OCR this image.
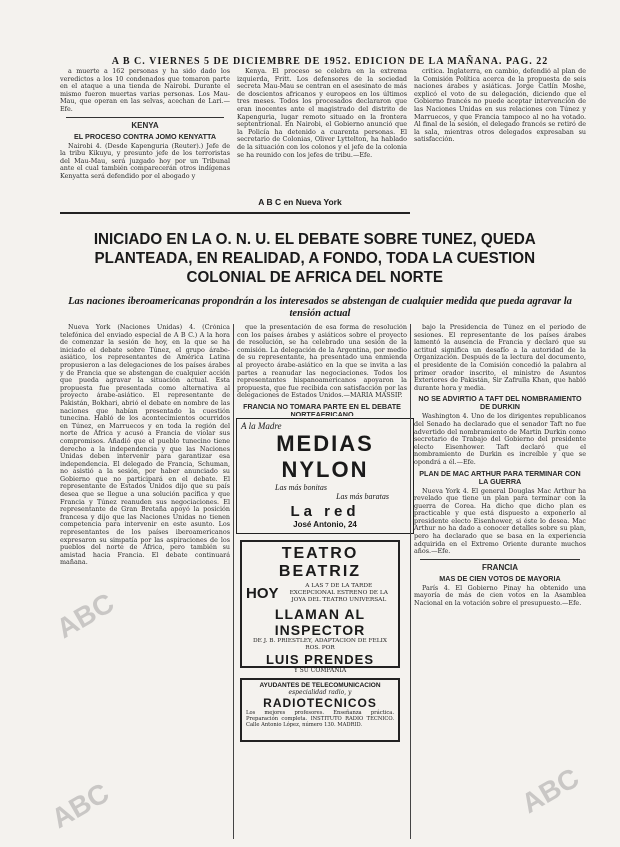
A B C. VIERNES 5 DE DICIEMBRE DE 1952. EDICION DE LA MAÑANA. PAG. 22

a muerte a 162 personas y ha sido dado los veredictos a los 10 condenados que tomaron parte en el ataque a una tienda de Nairobi. Durante el mismo fueron muertas varias personas. Los Mau-Mau, que operan en las selvas, acechan de Lari.—Efe.

KENYA
EL PROCESO CONTRA JOMO KENYATTA

Nairobi 4. (Desde Kapenguria (Reuter).) Jefe de la tribu Kikuyu, y presunto jefe de los terroristas del Mau-Mau, será juzgado hoy por un Tribunal ante el cual también comparecerán otros indígenas Kenyatta será defendido por el abogado y

Kenya. El proceso se celebra en la extrema izquierda, Fritt. Los defensores de la sociedad secreta Mau-Mau se centran en el asesinato de más de doscientos africanos y europeos en los últimos tres meses. Todos los procesados declararon que eran inocentes ante el magistrado del distrito de Kapenguria, lugar remoto situado en la frontera septentrional. En Nairobi, el Gobierno anunció que la Policía ha detenido a cuarenta personas. El secretario de Colonias, Oliver Lyttelton, ha hablado de la situación con los colonos y el jefe de la colonia se ha reunido con los jefes de tribu.—Efe.

crítica. Inglaterra, en cambio, defendió al plan de la Comisión Política acerca de la propuesta de seis naciones árabes y asiáticas. Jorge Catlín Moshe, explicó el voto de su delegación, diciendo que el Gobierno francés no puede aceptar intervención de las Naciones Unidas en sus relaciones con Túnez y Marruecos, y que Francia tampoco al no ha votado. Al final de la sesión, el delegado francés se retiró de la sala, mientras otros delegados expresaban su satisfacción.

A B C en Nueva York
INICIADO EN LA O. N. U. EL DEBATE SOBRE TUNEZ, QUEDA PLANTEADA, EN REALIDAD, A FONDO, TODA LA CUESTION COLONIAL DE AFRICA DEL NORTE
Las naciones iberoamericanas propondrán a los interesados se abstengan de cualquier medida que pueda agravar la tensión actual

Nueva York (Naciones Unidas) 4. (Crónica telefónica del enviado especial de A B C.) A la hora de comenzar la sesión de hoy, en la que se ha iniciado el debate sobre Túnez, el grupo árabe-asiático, los representantes de América Latina propusieron a las delegaciones de los países árabes y de Francia que se abstengan de cualquier acción que pueda agravar la situación actual. Esta propuesta fue presentada como alternativa al proyecto árabe-asiático. El representante de Pakistán, Bokhari, abrió el debate en nombre de las naciones que habían presentado la cuestión tunecina. Habló de los acontecimientos ocurridos en Túnez, en Marruecos y en toda la región del norte de África y acusó a Francia de violar sus compromisos. Añadió que el pueblo tunecino tiene derecho a la independencia y que las Naciones Unidas deben intervenir para garantizar esa independencia. El delegado de Francia, Schuman, no asistió a la sesión, por haber anunciado su Gobierno que no participará en el debate. El representante de Estados Unidos dijo que su país desea que se llegue a una solución pacífica y que Francia y Túnez reanuden sus negociaciones. El representante de Gran Bretaña apoyó la posición francesa y dijo que las Naciones Unidas no tienen competencia para intervenir en este asunto. Los representantes de los países iberoamericanos expresaron su simpatía por las aspiraciones de los pueblos del norte de África, pero también su amistad hacia Francia. El debate continuará mañana.

que la presentación de esa forma de resolución con los países árabes y asiáticos sobre el proyecto de resolución, se ha celebrado una sesión de la comisión. La delegación de la Argentina, por medio de su representante, ha presentado una enmienda al proyecto árabe-asiático en la que se invita a las partes a reanudar las negociaciones. Todos los representantes hispanoamericanos apoyaron la propuesta, que fue recibida con satisfacción por las delegaciones de Estados Unidos.—MARIA MASSIP.

FRANCIA NO TOMARA PARTE EN EL DEBATE NORTEAFRICANO

bajo la Presidencia de Túnez en el período de sesiones. El representante de los países árabes lamentó la ausencia de Francia y declaró que su actitud significa un desafío a la autoridad de la Organización. Después de la lectura del documento, el presidente de la Comisión concedió la palabra al primer orador inscrito, el ministro de Asuntos Exteriores de Pakistán, Sir Zafrulla Khan, que habló durante hora y media.

NO SE ADVIRTIO A TAFT DEL NOMBRAMIENTO DE DURKIN

Washington 4. Uno de los dirigentes republicanos del Senado ha declarado que el senador Taft no fue advertido del nombramiento de Martin Durkin como secretario de Trabajo del Gobierno del presidente electo Eisenhower. Taft declaró que el nombramiento de Durkin es increíble y que se opondrá a él.—Efe.

PLAN DE MAC ARTHUR PARA TERMINAR CON LA GUERRA

Nueva York 4. El general Douglas Mac Arthur ha revelado que tiene un plan para terminar con la guerra de Corea. Ha dicho que dicho plan es practicable y que está dispuesto a exponerlo al presidente electo Eisenhower, si éste lo desea. Mac Arthur no ha dado a conocer detalles sobre su plan, pero ha declarado que se basa en la experiencia adquirida en el Extremo Oriente durante muchos años.—Efe.

FRANCIA
MAS DE CIEN VOTOS DE MAYORIA

París 4. El Gobierno Pinay ha obtenido una mayoría de más de cien votos en la Asamblea Nacional en la votación sobre el presupuesto.—Efe.

A la Madre
MEDIAS NYLON
Las más bonitas
Las más baratas
La red
José Antonio, 24
TEATRO BEATRIZ
HOY	A LAS 7 DE LA TARDE EXCEPCIONAL ESTRENO DE LA JOYA DEL TEATRO UNIVERSAL
LLAMAN AL INSPECTOR
DE J. B. PRIESTLEY, ADAPTACION DE FELIX ROS. POR
LUIS PRENDES
Y SU COMPAÑIA
AYUDANTES DE TELECOMUNICACION
especialidad radio, y
RADIOTECNICOS
Los mejores profesores. Enseñanza práctica. Preparación completa. INSTITUTO RADIO TECNICO. Calle Antonio López, número 130. MADRID.
ABC
ABC
ABC
